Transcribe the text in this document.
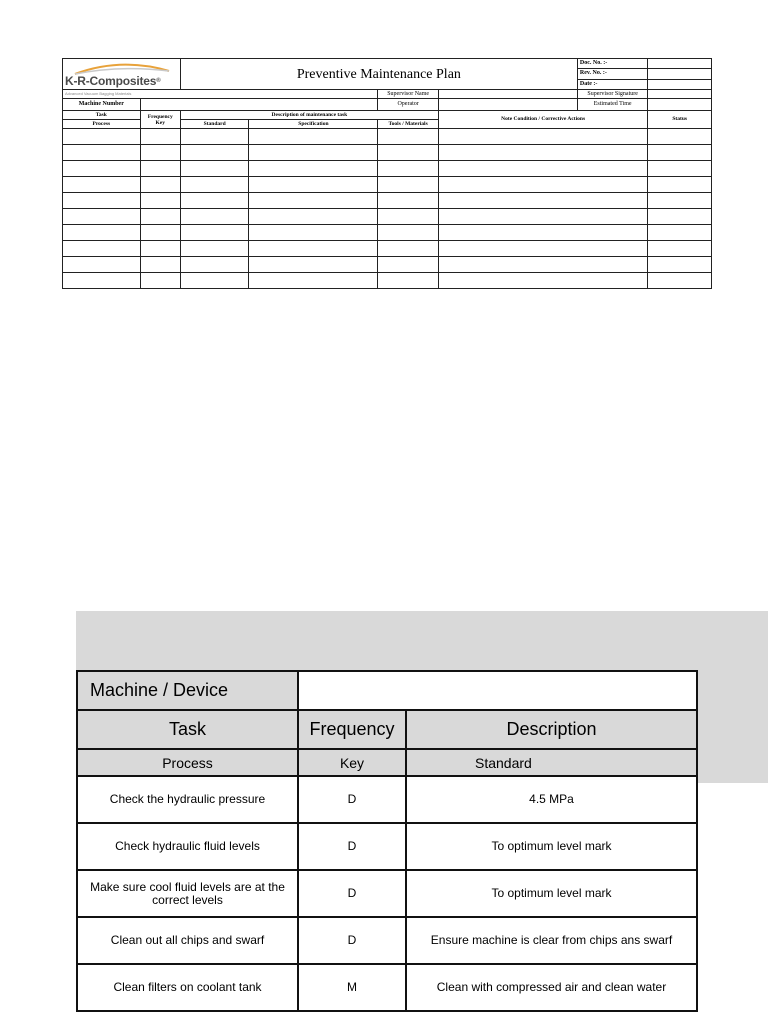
K-R-Composites®
Advanced Vacuum Bagging Materials		Preventive Maintenance Plan				Doc. No. :-	
						Rev. No. :-	
						Date :-	
				Supervisor Name		Supervisor Signature	
Machine Number				Operator		Estimated Time	
Task	Frequency Key	Description of maintenance task			Note Condition / Corrective Actions		Status
Process		Standard	Specification	Tools / Materials			

Machine / Device		
Task	Frequency	Description
Process	Key	Standard
Check the hydraulic pressure	D	4.5 MPa
Check hydraulic fluid levels	D	To optimum level mark
Make sure cool fluid levels are at the correct levels	D	To optimum level mark
Clean out all chips and swarf	D	Ensure machine is clear from chips ans swarf
Clean filters on coolant tank	M	Clean with compressed air and clean water
